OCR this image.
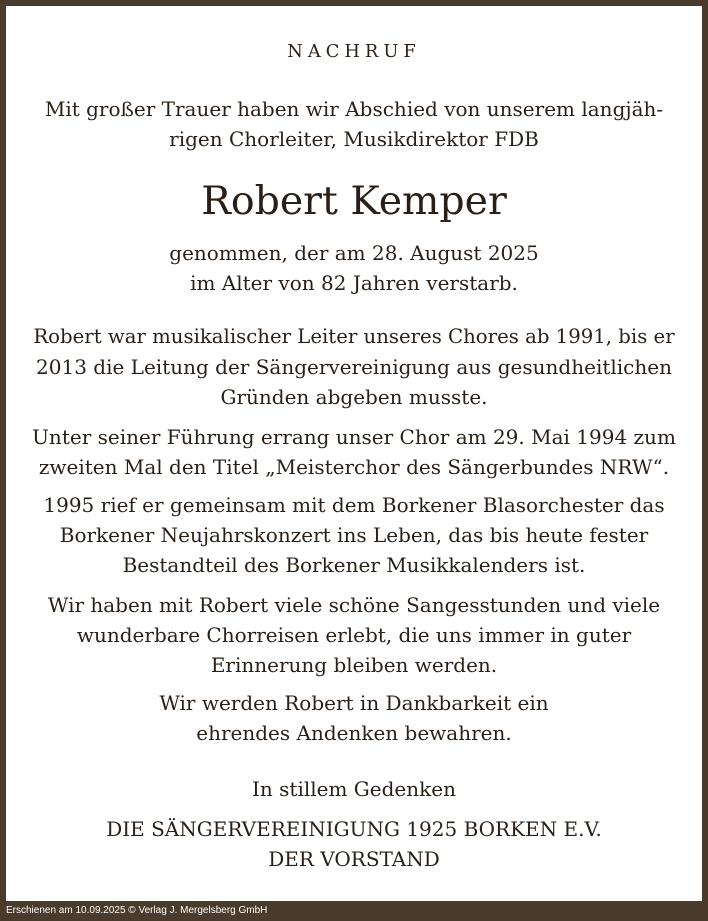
NACHRUF
Mit großer Trauer haben wir Abschied von unserem langjäh-
rigen Chorleiter, Musikdirektor FDB
Robert Kemper
genommen, der am 28. August 2025
im Alter von 82 Jahren verstarb.
Robert war musikalischer Leiter unseres Chores ab 1991, bis er
2013 die Leitung der Sängervereinigung aus gesundheitlichen
Gründen abgeben musste.
Unter seiner Führung errang unser Chor am 29. Mai 1994 zum
zweiten Mal den Titel „Meisterchor des Sängerbundes NRW“.
1995 rief er gemeinsam mit dem Borkener Blasorchester das
Borkener Neujahrskonzert ins Leben, das bis heute fester
Bestandteil des Borkener Musikkalenders ist.
Wir haben mit Robert viele schöne Sangesstunden und viele
wunderbare Chorreisen erlebt, die uns immer in guter
Erinnerung bleiben werden.
Wir werden Robert in Dankbarkeit ein
ehrendes Andenken bewahren.
In stillem Gedenken
DIE SÄNGERVEREINIGUNG 1925 BORKEN E.V.
DER VORSTAND
Erschienen am 10.09.2025 © Verlag J. Mergelsberg GmbH
